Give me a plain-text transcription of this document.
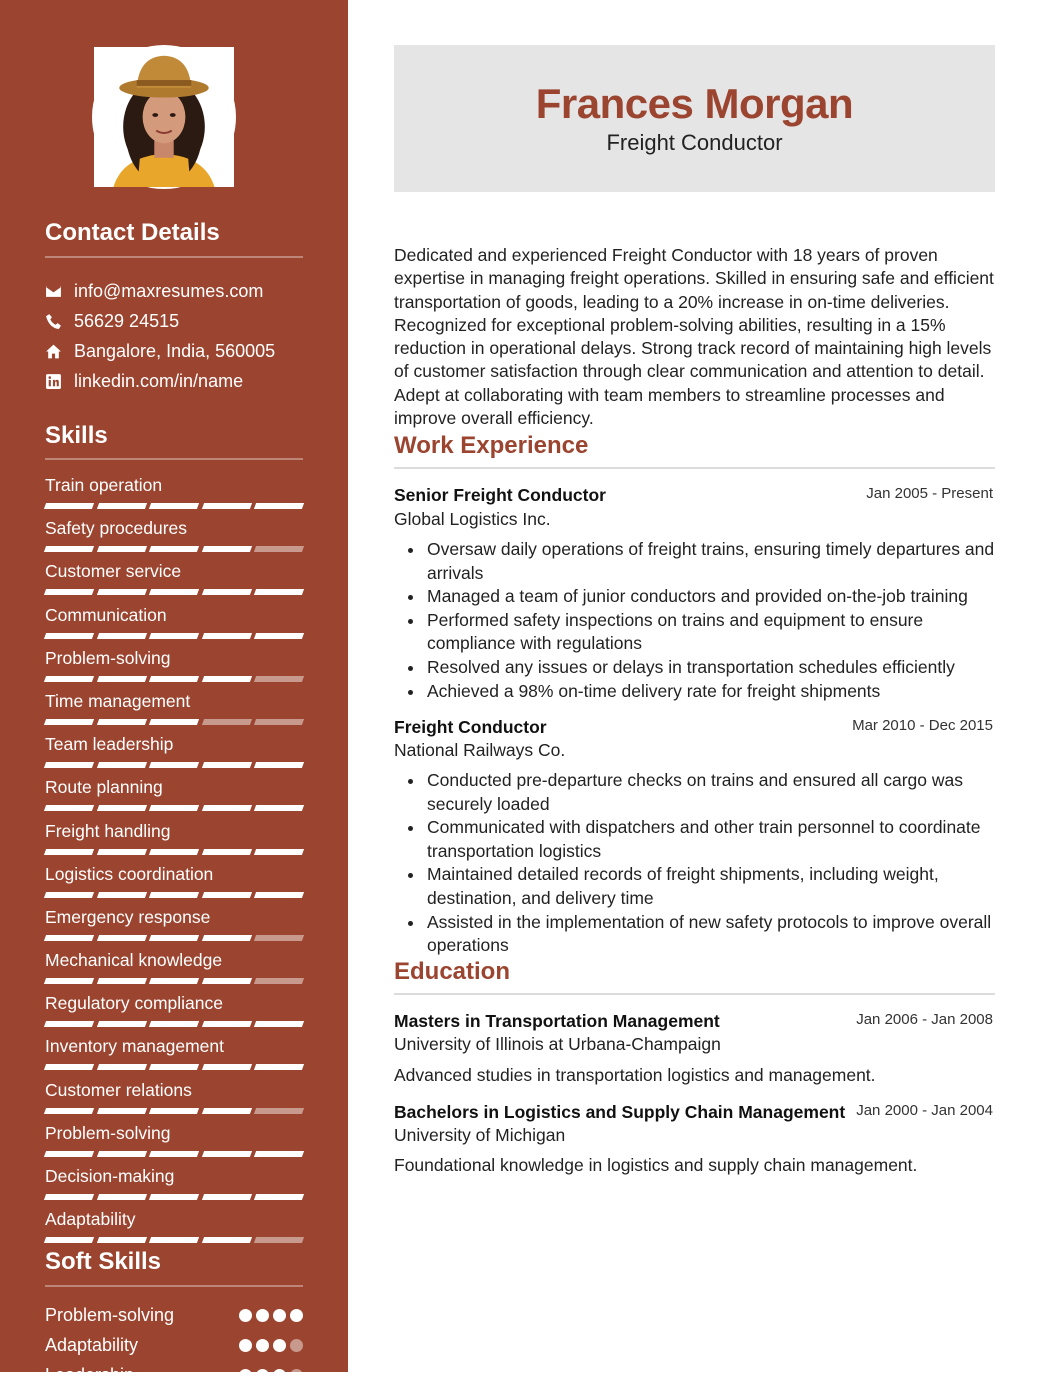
Contact Details
info@maxresumes.com
56629 24515
Bangalore, India, 560005
linkedin.com/in/name
Skills
Train operation
Safety procedures
Customer service
Communication
Problem-solving
Time management
Team leadership
Route planning
Freight handling
Logistics coordination
Emergency response
Mechanical knowledge
Regulatory compliance
Inventory management
Customer relations
Problem-solving
Decision-making
Adaptability
Soft Skills
Problem-solving
Adaptability
Leadership
Frances Morgan
Freight Conductor
Dedicated and experienced Freight Conductor with 18 years of proven expertise in managing freight operations. Skilled in ensuring safe and efficient transportation of goods, leading to a 20% increase in on-time deliveries. Recognized for exceptional problem-solving abilities, resulting in a 15% reduction in operational delays. Strong track record of maintaining high levels of customer satisfaction through clear communication and attention to detail. Adept at collaborating with team members to streamline processes and improve overall efficiency.
Work Experience
Senior Freight Conductor	Jan 2005 - Present
Global Logistics Inc.
Oversaw daily operations of freight trains, ensuring timely departures and arrivals
Managed a team of junior conductors and provided on-the-job training
Performed safety inspections on trains and equipment to ensure compliance with regulations
Resolved any issues or delays in transportation schedules efficiently
Achieved a 98% on-time delivery rate for freight shipments
Freight Conductor	Mar 2010 - Dec 2015
National Railways Co.
Conducted pre-departure checks on trains and ensured all cargo was securely loaded
Communicated with dispatchers and other train personnel to coordinate transportation logistics
Maintained detailed records of freight shipments, including weight, destination, and delivery time
Assisted in the implementation of new safety protocols to improve overall operations
Education
Masters in Transportation Management	Jan 2006 - Jan 2008
University of Illinois at Urbana-Champaign
Advanced studies in transportation logistics and management.
Bachelors in Logistics and Supply Chain Management Jan 2000 - Jan 2004
University of Michigan
Foundational knowledge in logistics and supply chain management.
